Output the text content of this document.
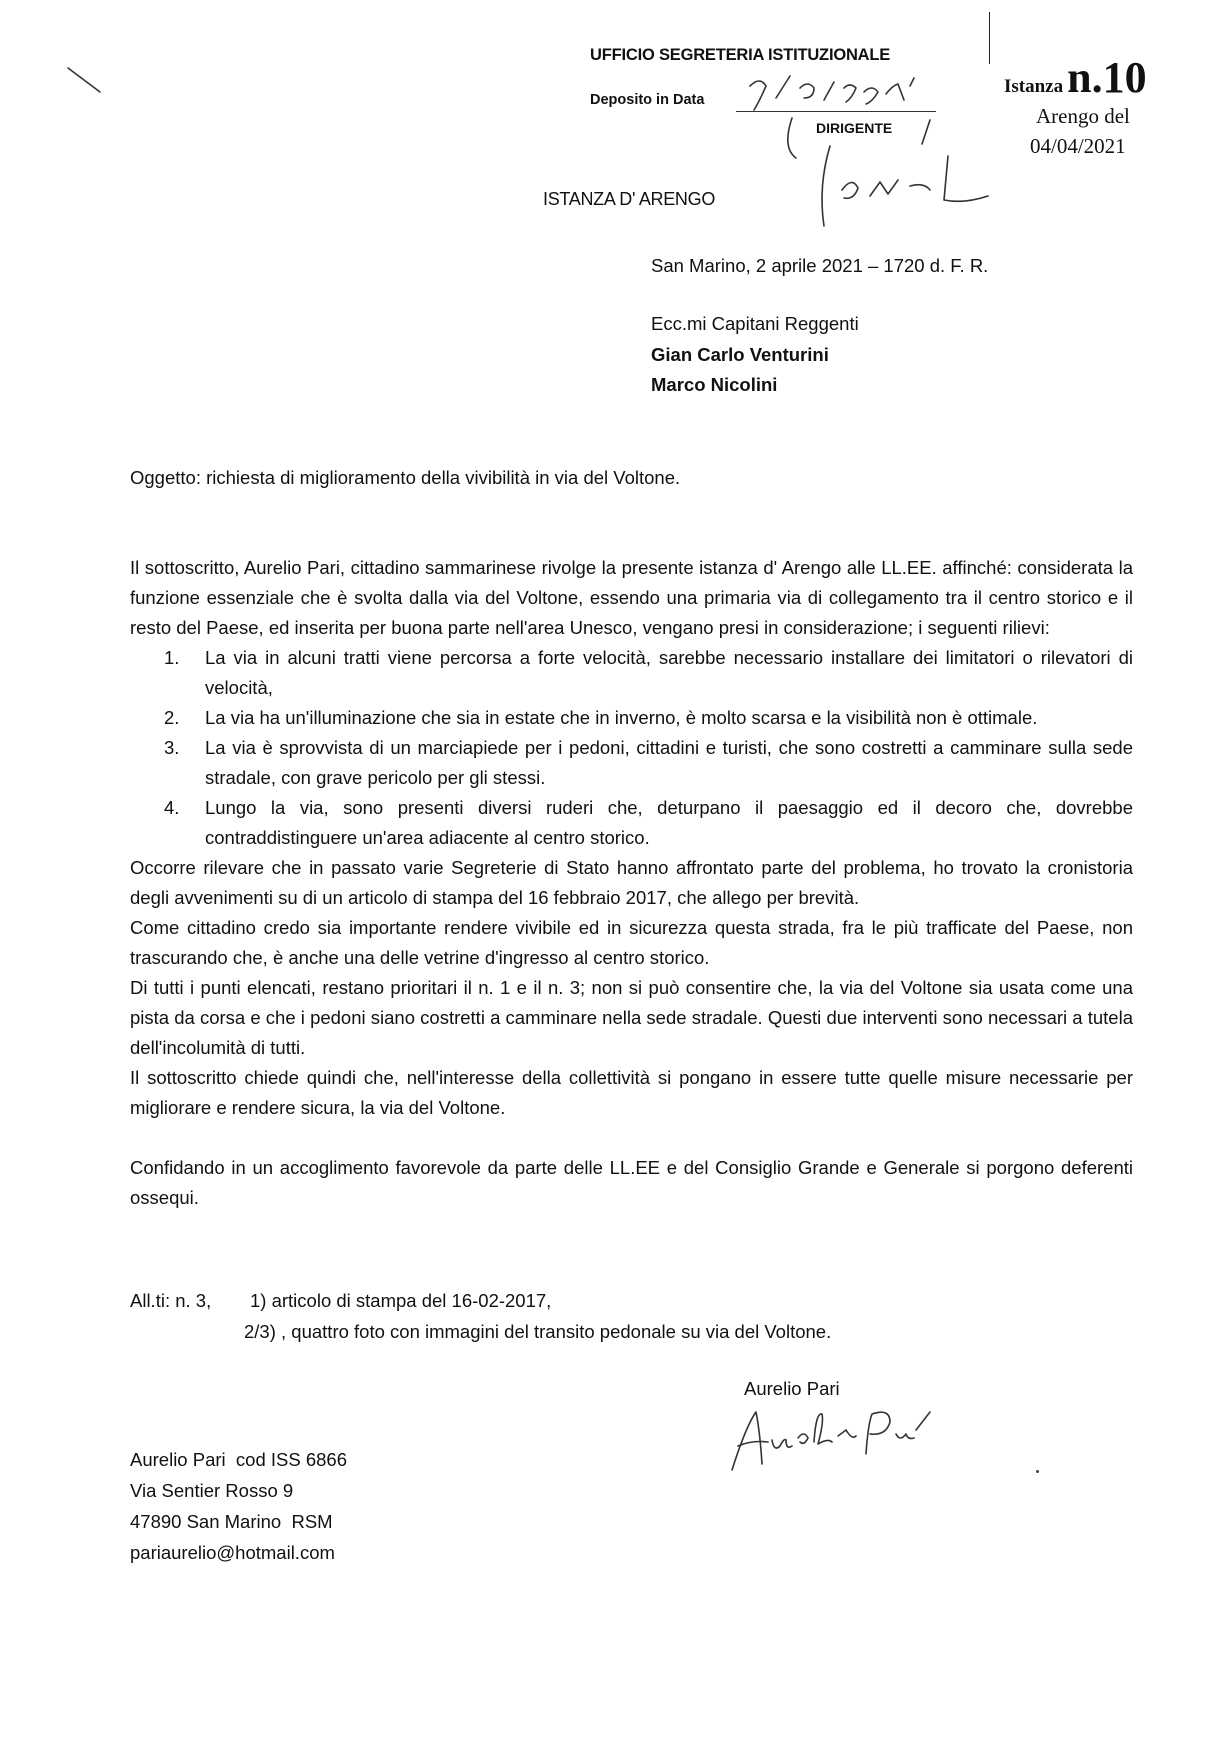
UFFICIO SEGRETERIA ISTITUZIONALE
Deposito in Data
DIRIGENTE
Istanza n.10
Arengo del
04/04/2021
ISTANZA D' ARENGO
San Marino, 2 aprile 2021 – 1720 d. F. R.
Ecc.mi Capitani Reggenti
Gian Carlo Venturini
Marco Nicolini
Oggetto: richiesta di miglioramento della vivibilità in via del Voltone.

Il sottoscritto, Aurelio Pari, cittadino sammarinese rivolge la presente istanza d' Arengo alle LL.EE. affinché: considerata la funzione essenziale che è svolta dalla via del Voltone, essendo una primaria via di collegamento tra il centro storico e il resto del Paese, ed inserita per buona parte nell'area Unesco, vengano presi in considerazione; i seguenti rilievi:

1. La via in alcuni tratti viene percorsa a forte velocità, sarebbe necessario installare dei limitatori o rilevatori di velocità,
2. La via ha un'illuminazione che sia in estate che in inverno, è molto scarsa e la visibilità non è ottimale.
3. La via è sprovvista di un marciapiede per i pedoni, cittadini e turisti, che sono costretti a camminare sulla sede stradale, con grave pericolo per gli stessi.
4. Lungo la via, sono presenti diversi ruderi che, deturpano il paesaggio ed il decoro che, dovrebbe contraddistinguere un'area adiacente al centro storico.

Occorre rilevare che in passato varie Segreterie di Stato hanno affrontato parte del problema, ho trovato la cronistoria degli avvenimenti su di un articolo di stampa del 16 febbraio 2017, che allego per brevità.

Come cittadino credo sia importante rendere vivibile ed in sicurezza questa strada, fra le più trafficate del Paese, non trascurando che, è anche una delle vetrine d'ingresso al centro storico.

Di tutti i punti elencati, restano prioritari il n. 1 e il n. 3; non si può consentire che, la via del Voltone sia usata come una pista da corsa e che i pedoni siano costretti a camminare nella sede stradale. Questi due interventi sono necessari a tutela dell'incolumità di tutti.

Il sottoscritto chiede quindi che, nell'interesse della collettività si pongano in essere tutte quelle misure necessarie per migliorare e rendere sicura, la via del Voltone.

Confidando in un accoglimento favorevole da parte delle LL.EE e del Consiglio Grande e Generale si porgono deferenti ossequi.

All.ti: n. 3, 1) articolo di stampa del 16-02-2017,
2/3) , quattro foto con immagini del transito pedonale su via del Voltone.
Aurelio Pari
Aurelio Pari  cod ISS 6866
Via Sentier Rosso 9
47890 San Marino  RSM
pariaurelio@hotmail.com
